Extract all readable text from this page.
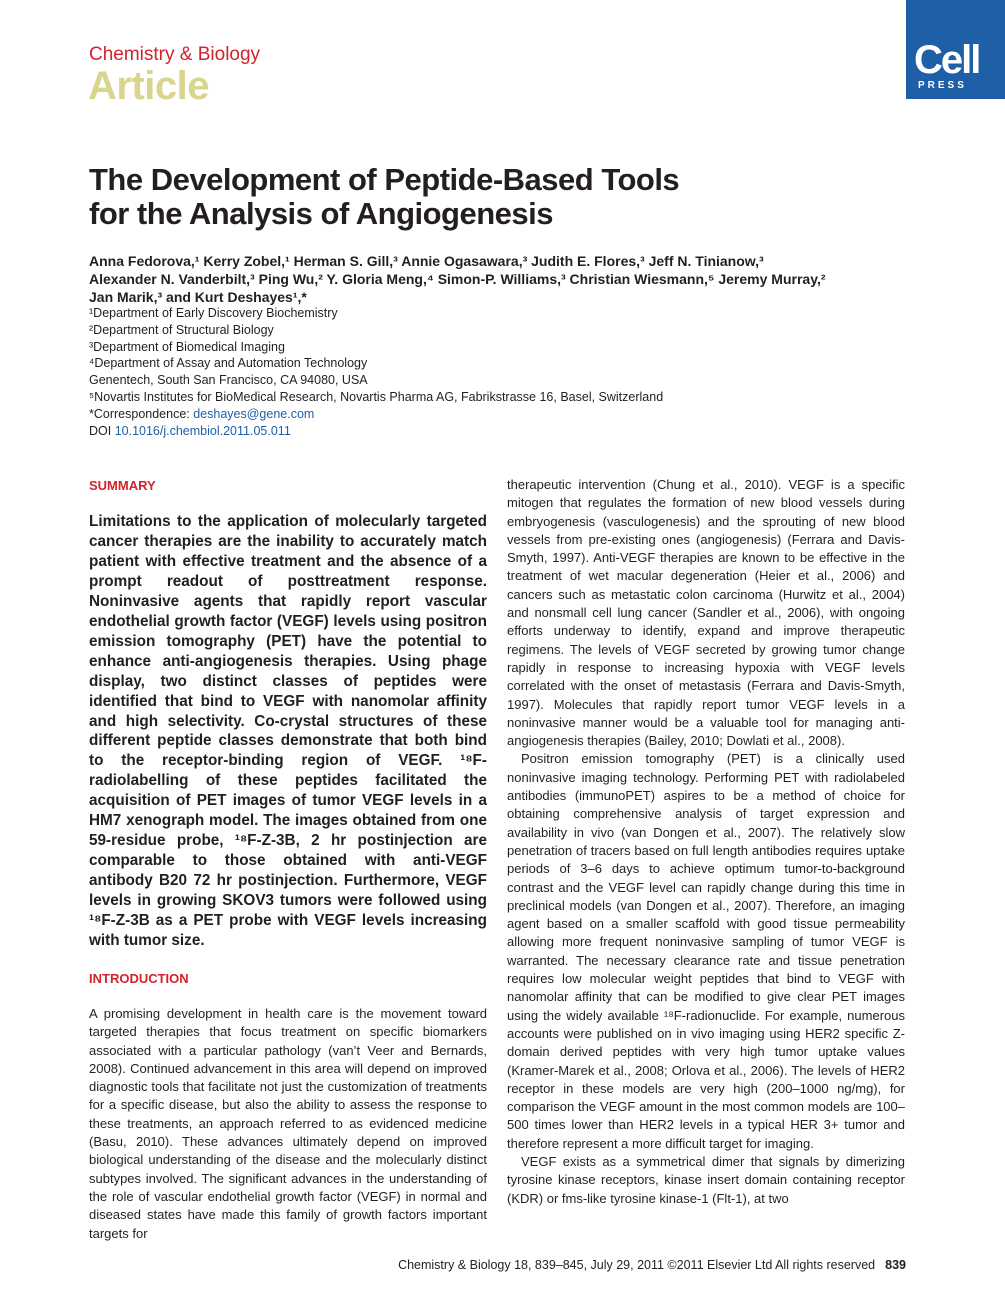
Chemistry & Biology
Article
Cell
PRESS
The Development of Peptide-Based Tools
for the Analysis of Angiogenesis
Anna Fedorova,¹ Kerry Zobel,¹ Herman S. Gill,³ Annie Ogasawara,³ Judith E. Flores,³ Jeff N. Tinianow,³
Alexander N. Vanderbilt,³ Ping Wu,² Y. Gloria Meng,⁴ Simon-P. Williams,³ Christian Wiesmann,⁵ Jeremy Murray,²
Jan Marik,³ and Kurt Deshayes¹,*
¹Department of Early Discovery Biochemistry
²Department of Structural Biology
³Department of Biomedical Imaging
⁴Department of Assay and Automation Technology
Genentech, South San Francisco, CA 94080, USA
⁵Novartis Institutes for BioMedical Research, Novartis Pharma AG, Fabrikstrasse 16, Basel, Switzerland
*Correspondence: deshayes@gene.com
DOI 10.1016/j.chembiol.2011.05.011
SUMMARY
Limitations to the application of molecularly targeted cancer therapies are the inability to accurately match patient with effective treatment and the absence of a prompt readout of posttreatment response. Noninvasive agents that rapidly report vascular endothelial growth factor (VEGF) levels using positron emission tomography (PET) have the potential to enhance anti-angiogenesis therapies. Using phage display, two distinct classes of peptides were identified that bind to VEGF with nanomolar affinity and high selectivity. Co-crystal structures of these different peptide classes demonstrate that both bind to the receptor-binding region of VEGF. ¹⁸F-radiolabelling of these peptides facilitated the acquisition of PET images of tumor VEGF levels in a HM7 xenograph model. The images obtained from one 59-residue probe, ¹⁸F-Z-3B, 2 hr postinjection are comparable to those obtained with anti-VEGF antibody B20 72 hr postinjection. Furthermore, VEGF levels in growing SKOV3 tumors were followed using ¹⁸F-Z-3B as a PET probe with VEGF levels increasing with tumor size.
INTRODUCTION
A promising development in health care is the movement toward targeted therapies that focus treatment on specific biomarkers associated with a particular pathology (van’t Veer and Bernards, 2008). Continued advancement in this area will depend on improved diagnostic tools that facilitate not just the customization of treatments for a specific disease, but also the ability to assess the response to these treatments, an approach referred to as evidenced medicine (Basu, 2010). These advances ultimately depend on improved biological understanding of the disease and the molecularly distinct subtypes involved. The significant advances in the understanding of the role of vascular endothelial growth factor (VEGF) in normal and diseased states have made this family of growth factors important targets for

therapeutic intervention (Chung et al., 2010). VEGF is a specific mitogen that regulates the formation of new blood vessels during embryogenesis (vasculogenesis) and the sprouting of new blood vessels from pre-existing ones (angiogenesis) (Ferrara and Davis-Smyth, 1997). Anti-VEGF therapies are known to be effective in the treatment of wet macular degeneration (Heier et al., 2006) and cancers such as metastatic colon carcinoma (Hurwitz et al., 2004) and nonsmall cell lung cancer (Sandler et al., 2006), with ongoing efforts underway to identify, expand and improve therapeutic regimens. The levels of VEGF secreted by growing tumor change rapidly in response to increasing hypoxia with VEGF levels correlated with the onset of metastasis (Ferrara and Davis-Smyth, 1997). Molecules that rapidly report tumor VEGF levels in a noninvasive manner would be a valuable tool for managing anti-angiogenesis therapies (Bailey, 2010; Dowlati et al., 2008).

Positron emission tomography (PET) is a clinically used noninvasive imaging technology. Performing PET with radiolabeled antibodies (immunoPET) aspires to be a method of choice for obtaining comprehensive analysis of target expression and availability in vivo (van Dongen et al., 2007). The relatively slow penetration of tracers based on full length antibodies requires uptake periods of 3–6 days to achieve optimum tumor-to-background contrast and the VEGF level can rapidly change during this time in preclinical models (van Dongen et al., 2007). Therefore, an imaging agent based on a smaller scaffold with good tissue permeability allowing more frequent noninvasive sampling of tumor VEGF is warranted. The necessary clearance rate and tissue penetration requires low molecular weight peptides that bind to VEGF with nanomolar affinity that can be modified to give clear PET images using the widely available ¹⁸F-radionuclide. For example, numerous accounts were published on in vivo imaging using HER2 specific Z-domain derived peptides with very high tumor uptake values (Kramer-Marek et al., 2008; Orlova et al., 2006). The levels of HER2 receptor in these models are very high (200–1000 ng/mg), for comparison the VEGF amount in the most common models are 100–500 times lower than HER2 levels in a typical HER 3+ tumor and therefore represent a more difficult target for imaging.

VEGF exists as a symmetrical dimer that signals by dimerizing tyrosine kinase receptors, kinase insert domain containing receptor (KDR) or fms-like tyrosine kinase-1 (Flt-1), at two

Chemistry & Biology 18, 839–845, July 29, 2011 ©2011 Elsevier Ltd All rights reserved 839
